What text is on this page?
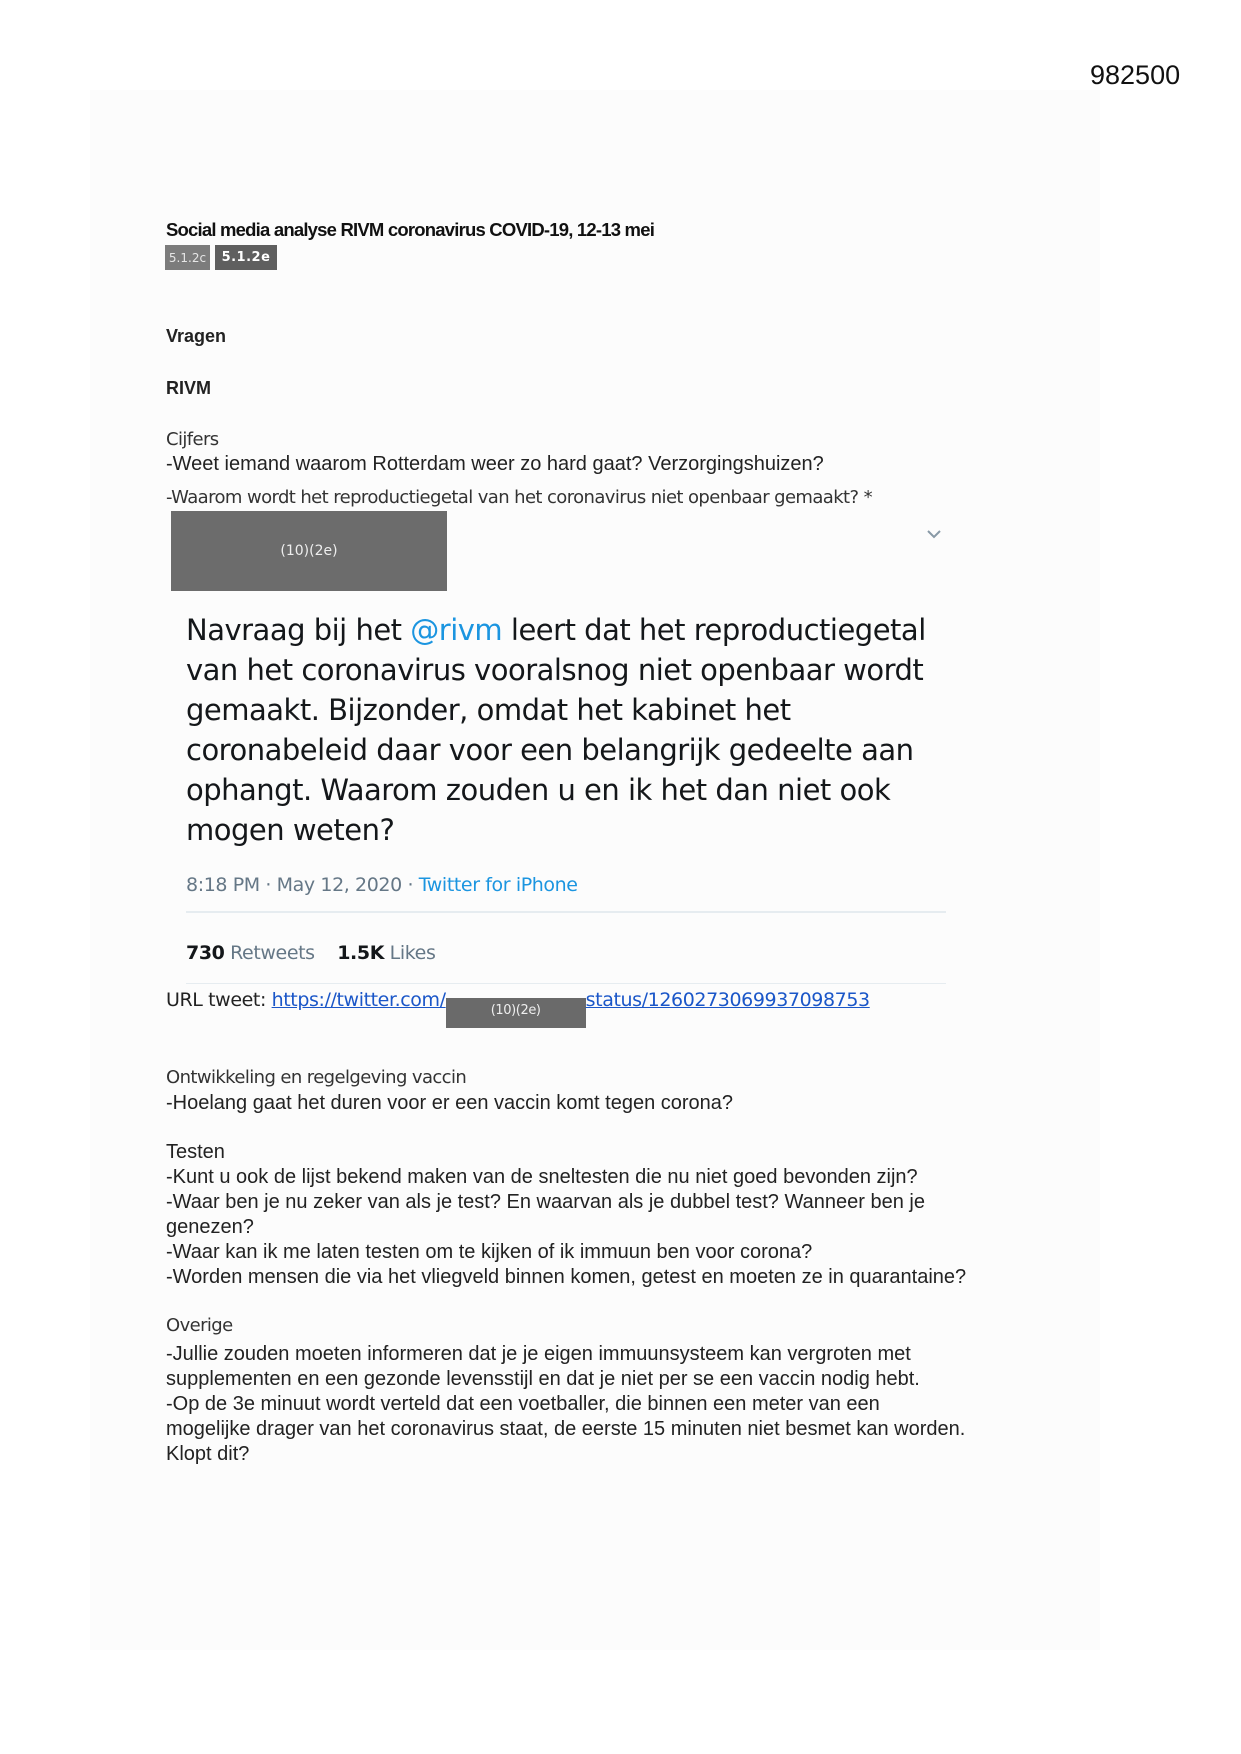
982500
Social media analyse RIVM coronavirus COVID-19, 12-13 mei
5.1.2c	5.1.2e
Vragen
RIVM
Cijfers
-Weet iemand waarom Rotterdam weer zo hard gaat? Verzorgingshuizen?
-Waarom wordt het reproductiegetal van het coronavirus niet openbaar gemaakt? *
(10)(2e)
Navraag bij het @rivm leert dat het reproductiegetal van het coronavirus vooralsnog niet openbaar wordt gemaakt. Bijzonder, omdat het kabinet het coronabeleid daar voor een belangrijk gedeelte aan ophangt. Waarom zouden u en ik het dan niet ook mogen weten?
8:18 PM · May 12, 2020 · Twitter for iPhone
730 Retweets 1.5K Likes
URL tweet: https://twitter.com/	(10)(2e) status/1260273069937098753
Ontwikkeling en regelgeving vaccin
-Hoelang gaat het duren voor er een vaccin komt tegen corona?
Testen
-Kunt u ook de lijst bekend maken van de sneltesten die nu niet goed bevonden zijn?
-Waar ben je nu zeker van als je test? En waarvan als je dubbel test? Wanneer ben je
genezen?
-Waar kan ik me laten testen om te kijken of ik immuun ben voor corona?
-Worden mensen die via het vliegveld binnen komen, getest en moeten ze in quarantaine?
Overige
-Jullie zouden moeten informeren dat je je eigen immuunsysteem kan vergroten met
supplementen en een gezonde levensstijl en dat je niet per se een vaccin nodig hebt.
-Op de 3e minuut wordt verteld dat een voetballer, die binnen een meter van een
mogelijke drager van het coronavirus staat, de eerste 15 minuten niet besmet kan worden.
Klopt dit?
